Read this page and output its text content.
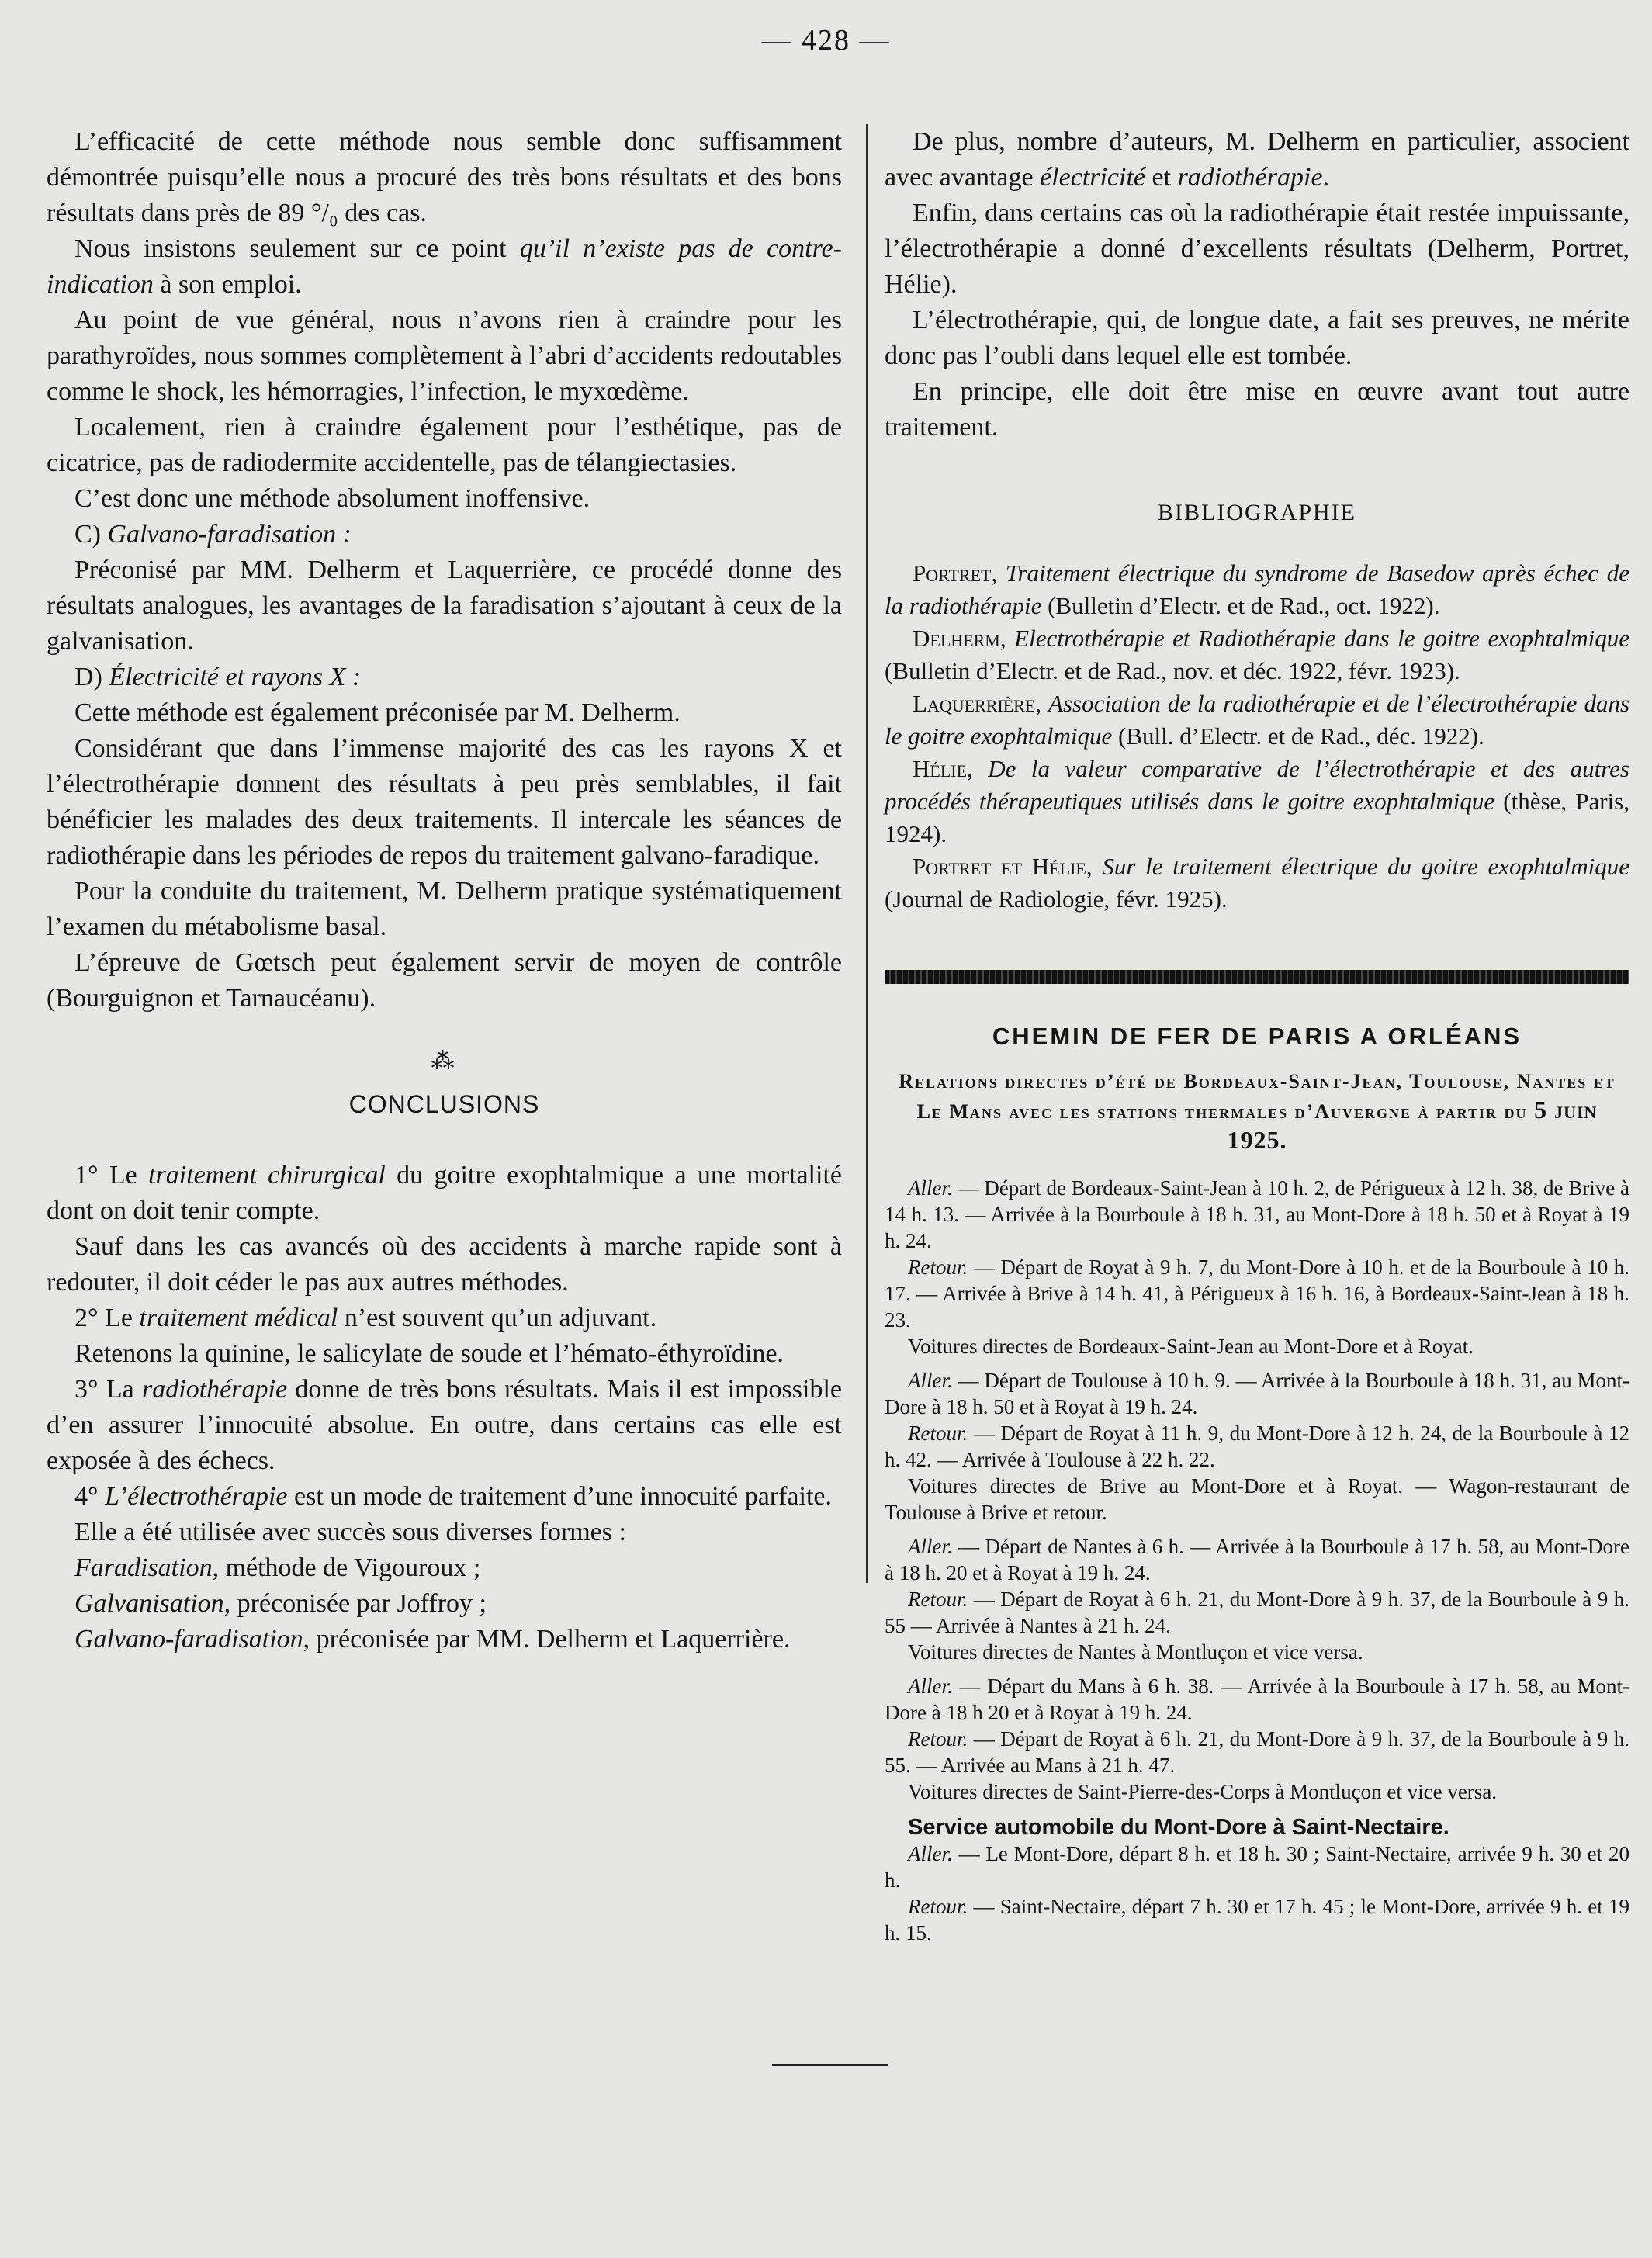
— 428 —

L’efficacité de cette méthode nous semble donc suffisamment démontrée puisqu’elle nous a procuré des très bons résultats et des bons résultats dans près de 89 °/₀ des cas.

Nous insistons seulement sur ce point qu’il n’existe pas de contre-indication à son emploi.

Au point de vue général, nous n’avons rien à craindre pour les parathyroïdes, nous sommes complètement à l’abri d’accidents redoutables comme le shock, les hémorragies, l’infection, le myxœdème.

Localement, rien à craindre également pour l’esthétique, pas de cicatrice, pas de radiodermite accidentelle, pas de télangiectasies.

C’est donc une méthode absolument inoffensive.

C) Galvano-faradisation :

Préconisé par MM. Delherm et Laquerrière, ce procédé donne des résultats analogues, les avantages de la faradisation s’ajoutant à ceux de la galvanisation.

D) Électricité et rayons X :

Cette méthode est également préconisée par M. Delherm.

Considérant que dans l’immense majorité des cas les rayons X et l’électrothérapie donnent des résultats à peu près semblables, il fait bénéficier les malades des deux traitements. Il intercale les séances de radiothérapie dans les périodes de repos du traitement galvano-faradique.

Pour la conduite du traitement, M. Delherm pratique systématiquement l’examen du métabolisme basal.

L’épreuve de Gœtsch peut également servir de moyen de contrôle (Bourguignon et Tarnaucéanu).

⁂
CONCLUSIONS

1° Le traitement chirurgical du goitre exophtalmique a une mortalité dont on doit tenir compte.

Sauf dans les cas avancés où des accidents à marche rapide sont à redouter, il doit céder le pas aux autres méthodes.

2° Le traitement médical n’est souvent qu’un adjuvant.

Retenons la quinine, le salicylate de soude et l’hémato-éthyroïdine.

3° La radiothérapie donne de très bons résultats. Mais il est impossible d’en assurer l’innocuité absolue. En outre, dans certains cas elle est exposée à des échecs.

4° L’électrothérapie est un mode de traitement d’une innocuité parfaite.

Elle a été utilisée avec succès sous diverses formes :

Faradisation, méthode de Vigouroux ;

Galvanisation, préconisée par Joffroy ;

Galvano-faradisation, préconisée par MM. Delherm et Laquerrière.

De plus, nombre d’auteurs, M. Delherm en particulier, associent avec avantage électricité et radiothérapie.

Enfin, dans certains cas où la radiothérapie était restée impuissante, l’électrothérapie a donné d’excellents résultats (Delherm, Portret, Hélie).

L’électrothérapie, qui, de longue date, a fait ses preuves, ne mérite donc pas l’oubli dans lequel elle est tombée.

En principe, elle doit être mise en œuvre avant tout autre traitement.

BIBLIOGRAPHIE

Portret, Traitement électrique du syndrome de Basedow après échec de la radiothérapie (Bulletin d’Electr. et de Rad., oct. 1922).

Delherm, Electrothérapie et Radiothérapie dans le goitre exophtalmique (Bulletin d’Electr. et de Rad., nov. et déc. 1922, févr. 1923).

Laquerrière, Association de la radiothérapie et de l’électrothérapie dans le goitre exophtalmique (Bull. d’Electr. et de Rad., déc. 1922).

Hélie, De la valeur comparative de l’électrothérapie et des autres procédés thérapeutiques utilisés dans le goitre exophtalmique (thèse, Paris, 1924).

Portret et Hélie, Sur le traitement électrique du goitre exophtalmique (Journal de Radiologie, févr. 1925).

CHEMIN DE FER DE PARIS A ORLÉANS

Relations directes d’été de Bordeaux-Saint-Jean, Toulouse, Nantes et Le Mans avec les stations thermales d’Auvergne à partir du 5 juin 1925.

Aller. — Départ de Bordeaux-Saint-Jean à 10 h. 2, de Périgueux à 12 h. 38, de Brive à 14 h. 13. — Arrivée à la Bourboule à 18 h. 31, au Mont-Dore à 18 h. 50 et à Royat à 19 h. 24.

Retour. — Départ de Royat à 9 h. 7, du Mont-Dore à 10 h. et de la Bourboule à 10 h. 17. — Arrivée à Brive à 14 h. 41, à Périgueux à 16 h. 16, à Bordeaux-Saint-Jean à 18 h. 23.

Voitures directes de Bordeaux-Saint-Jean au Mont-Dore et à Royat.

Aller. — Départ de Toulouse à 10 h. 9. — Arrivée à la Bourboule à 18 h. 31, au Mont-Dore à 18 h. 50 et à Royat à 19 h. 24.

Retour. — Départ de Royat à 11 h. 9, du Mont-Dore à 12 h. 24, de la Bourboule à 12 h. 42. — Arrivée à Toulouse à 22 h. 22.

Voitures directes de Brive au Mont-Dore et à Royat. — Wagon-restaurant de Toulouse à Brive et retour.

Aller. — Départ de Nantes à 6 h. — Arrivée à la Bourboule à 17 h. 58, au Mont-Dore à 18 h. 20 et à Royat à 19 h. 24.

Retour. — Départ de Royat à 6 h. 21, du Mont-Dore à 9 h. 37, de la Bourboule à 9 h. 55 — Arrivée à Nantes à 21 h. 24.

Voitures directes de Nantes à Montluçon et vice versa.

Aller. — Départ du Mans à 6 h. 38. — Arrivée à la Bourboule à 17 h. 58, au Mont-Dore à 18 h 20 et à Royat à 19 h. 24.

Retour. — Départ de Royat à 6 h. 21, du Mont-Dore à 9 h. 37, de la Bourboule à 9 h. 55. — Arrivée au Mans à 21 h. 47.

Voitures directes de Saint-Pierre-des-Corps à Montluçon et vice versa.

Service automobile du Mont-Dore à Saint-Nectaire.

Aller. — Le Mont-Dore, départ 8 h. et 18 h. 30 ; Saint-Nectaire, arrivée 9 h. 30 et 20 h.

Retour. — Saint-Nectaire, départ 7 h. 30 et 17 h. 45 ; le Mont-Dore, arrivée 9 h. et 19 h. 15.
